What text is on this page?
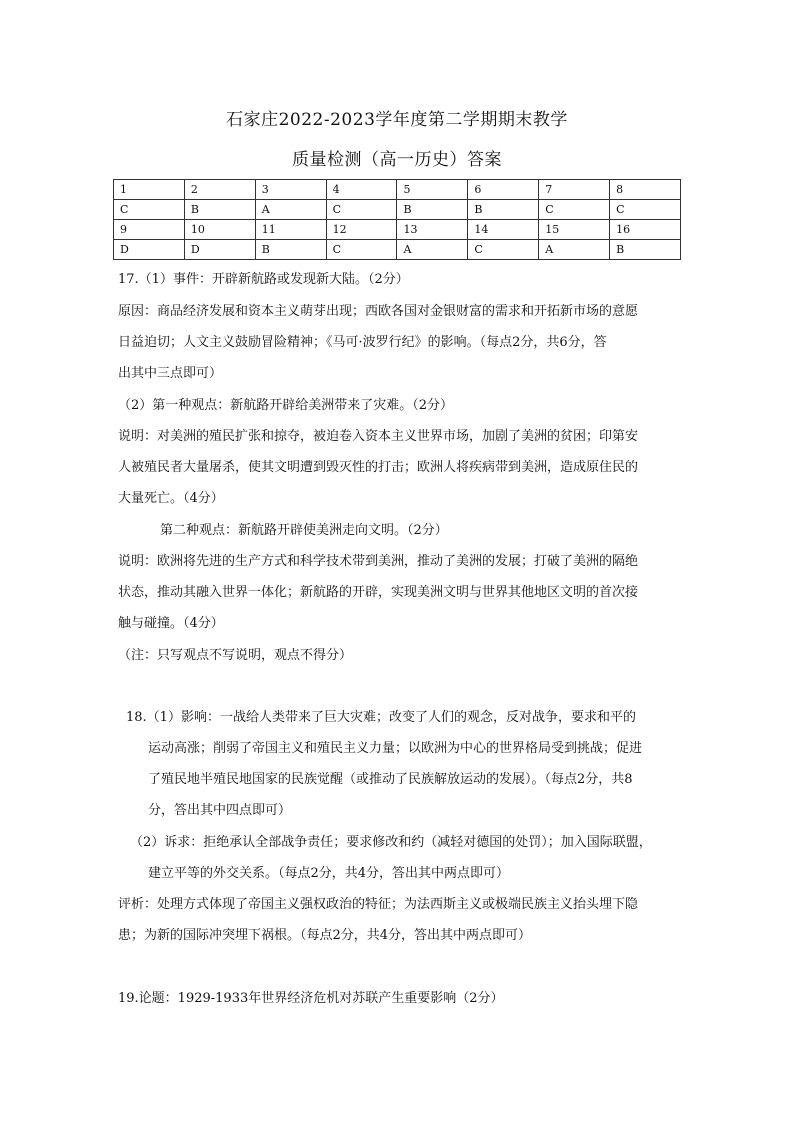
石家庄2022-2023学年度第二学期期末教学
质量检测（高一历史）答案
1	2	3	4	5	6	7	8
C	B	A	C	B	B	C	C
9	10	11	12	13	14	15	16
D	D	B	C	A	C	A	B
17.（1）事件：开辟新航路或发现新大陆。（2分）
原因：商品经济发展和资本主义萌芽出现；西欧各国对金银财富的需求和开拓新市场的意愿
日益迫切；人文主义鼓励冒险精神；《马可·波罗行纪》的影响。（每点2分，共6分，答
出其中三点即可）
（2）第一种观点：新航路开辟给美洲带来了灾难。（2分）
说明：对美洲的殖民扩张和掠夺，被迫卷入资本主义世界市场，加剧了美洲的贫困；印第安
人被殖民者大量屠杀，使其文明遭到毁灭性的打击；欧洲人将疾病带到美洲，造成原住民的
大量死亡。（4分）
第二种观点：新航路开辟使美洲走向文明。（2分）
说明：欧洲将先进的生产方式和科学技术带到美洲，推动了美洲的发展；打破了美洲的隔绝
状态，推动其融入世界一体化；新航路的开辟，实现美洲文明与世界其他地区文明的首次接
触与碰撞。（4分）
（注：只写观点不写说明，观点不得分）
18.（1）影响：一战给人类带来了巨大灾难；改变了人们的观念，反对战争，要求和平的
运动高涨；削弱了帝国主义和殖民主义力量；以欧洲为中心的世界格局受到挑战；促进
了殖民地半殖民地国家的民族觉醒（或推动了民族解放运动的发展）。（每点2分，共8
分，答出其中四点即可）
（2）诉求：拒绝承认全部战争责任；要求修改和约（减轻对德国的处罚）；加入国际联盟，
建立平等的外交关系。（每点2分，共4分，答出其中两点即可）
评析：处理方式体现了帝国主义强权政治的特征；为法西斯主义或极端民族主义抬头埋下隐
患；为新的国际冲突埋下祸根。（每点2分，共4分，答出其中两点即可）
19.论题：1929-1933年世界经济危机对苏联产生重要影响（2分）
